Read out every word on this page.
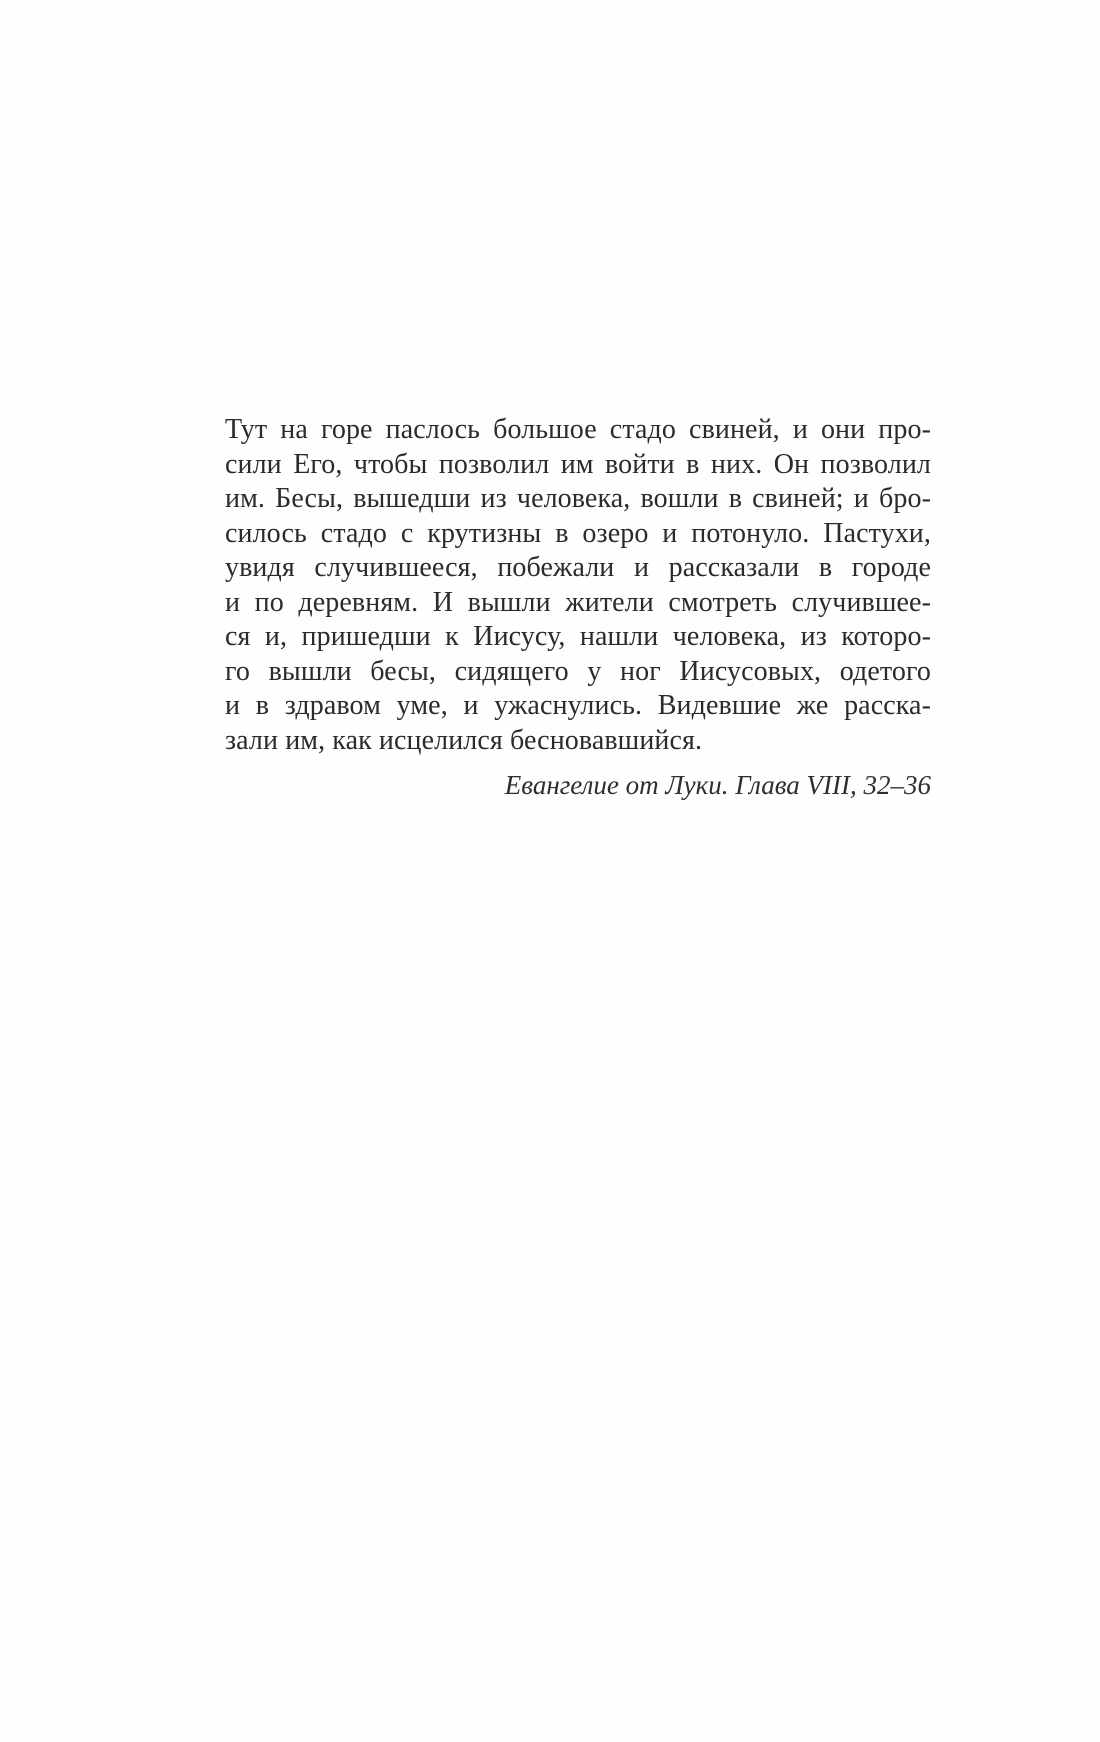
Тут на горе паслось большое стадо свиней, и они про-
сили Его, чтобы позволил им войти в них. Он позволил
им. Бесы, вышедши из человека, вошли в свиней; и бро-
силось стадо с крутизны в озеро и потонуло. Пастухи,
увидя случившееся, побежали и рассказали в городе
и по деревням. И вышли жители смотреть случившее-
ся и, пришедши к Иисусу, нашли человека, из которо-
го вышли бесы, сидящего у ног Иисусовых, одетого
и в здравом уме, и ужаснулись. Видевшие же расска-
зали им, как исцелился бесновавшийся.
Евангелие от Луки. Глава VIII, 32–36
